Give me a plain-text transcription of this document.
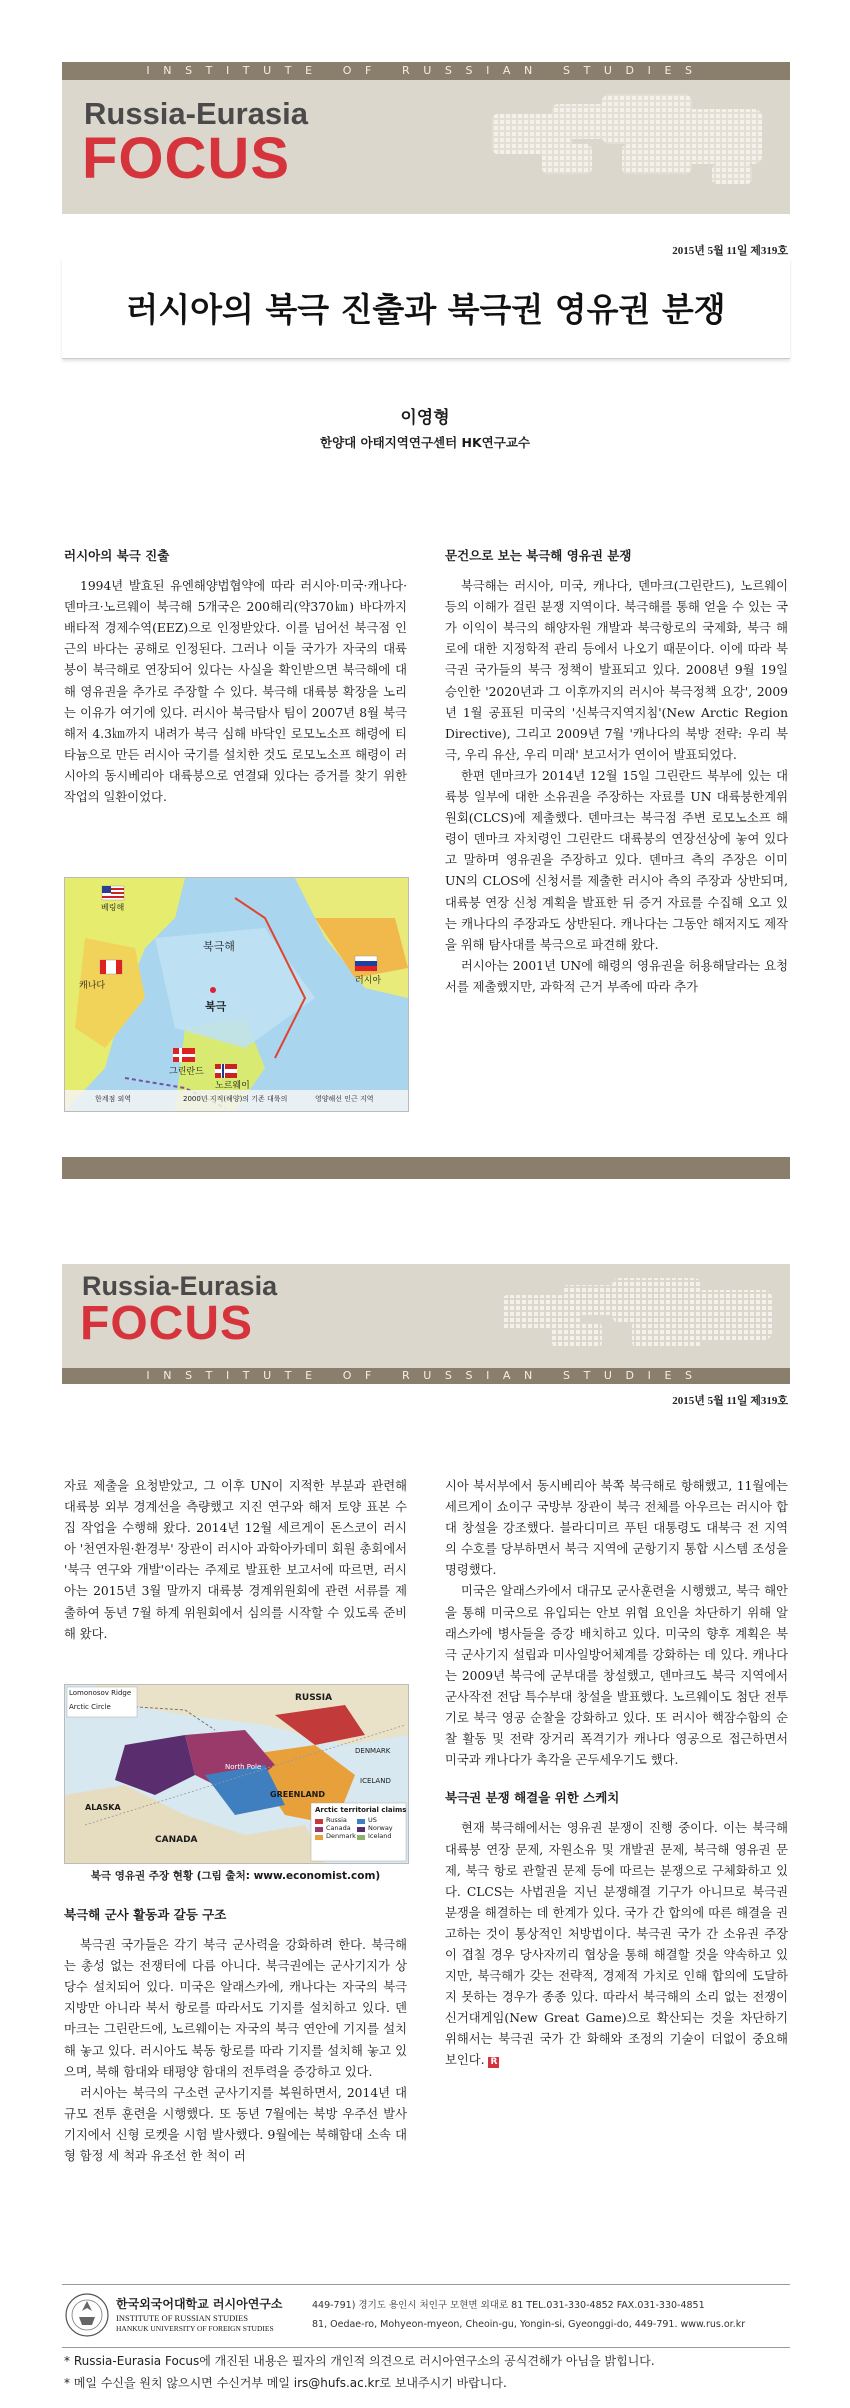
INSTITUTE OF RUSSIAN STUDIES
Russia-Eurasia
FOCUS
2015년 5월 11일 제319호
러시아의 북극 진출과 북극권 영유권 분쟁
이영형
한양대 아태지역연구센터 HK연구교수
러시아의 북극 진출

1994년 발효된 유엔해양법협약에 따라 러시아·미국·캐나다·덴마크·노르웨이 북극해 5개국은 200해리(약370㎞) 바다까지 배타적 경제수역(EEZ)으로 인정받았다. 이를 넘어선 북극점 인근의 바다는 공해로 인정된다. 그러나 이들 국가가 자국의 대륙붕이 북극해로 연장되어 있다는 사실을 확인받으면 북극해에 대해 영유권을 추가로 주장할 수 있다. 북극해 대륙붕 확장을 노리는 이유가 여기에 있다. 러시아 북극탐사 팀이 2007년 8월 북극 해저 4.3㎞까지 내려가 북극 심해 바닥인 로모노소프 해령에 티타늄으로 만든 러시아 국기를 설치한 것도 로모노소프 해령이 러시아의 동시베리아 대륙붕으로 연결돼 있다는 증거를 찾기 위한 작업의 일환이었다.

북극해
북극
캐나다
그린란드
노르웨이
러시아
베링해
한계점 외역	2000년 지적(해양)의 기존 대륙의	영양해선 인근 지역
문건으로 보는 북극해 영유권 분쟁

북극해는 러시아, 미국, 캐나다, 덴마크(그린란드), 노르웨이 등의 이해가 걸린 분쟁 지역이다. 북극해를 통해 얻을 수 있는 국가 이익이 북극의 해양자원 개발과 북극항로의 국제화, 북극 해로에 대한 지정학적 관리 등에서 나오기 때문이다. 이에 따라 북극권 국가들의 북극 정책이 발표되고 있다. 2008년 9월 19일 승인한 '2020년과 그 이후까지의 러시아 북극정책 요강', 2009년 1월 공표된 미국의 '신북극지역지침'(New Arctic Region Directive), 그리고 2009년 7월 '캐나다의 북방 전략: 우리 북극, 우리 유산, 우리 미래' 보고서가 연이어 발표되었다.

한편 덴마크가 2014년 12월 15일 그린란드 북부에 있는 대륙붕 일부에 대한 소유권을 주장하는 자료를 UN 대륙붕한계위원회(CLCS)에 제출했다. 덴마크는 북극점 주변 로모노소프 해령이 덴마크 자치령인 그린란드 대륙붕의 연장선상에 놓여 있다고 말하며 영유권을 주장하고 있다. 덴마크 측의 주장은 이미 UN의 CLOS에 신청서를 제출한 러시아 측의 주장과 상반되며, 대륙붕 연장 신청 계획을 발표한 뒤 증거 자료를 수집해 오고 있는 캐나다의 주장과도 상반된다. 캐나다는 그동안 해저지도 제작을 위해 탐사대를 북극으로 파견해 왔다.

러시아는 2001년 UN에 해령의 영유권을 허용해달라는 요청서를 제출했지만, 과학적 근거 부족에 따라 추가

Russia-Eurasia
FOCUS
INSTITUTE OF RUSSIAN STUDIES
2015년 5월 11일 제319호

자료 제출을 요청받았고, 그 이후 UN이 지적한 부분과 관련해 대륙붕 외부 경계선을 측량했고 지진 연구와 해저 토양 표본 수집 작업을 수행해 왔다. 2014년 12월 세르게이 돈스코이 러시아 '천연자원·환경부' 장관이 러시아 과학아카데미 회원 총회에서 '북극 연구와 개발'이라는 주제로 발표한 보고서에 따르면, 러시아는 2015년 3월 말까지 대륙붕 경계위원회에 관련 서류를 제출하여 동년 7월 하계 위원회에서 심의를 시작할 수 있도록 준비해 왔다.

RUSSIA
ALASKA
CANADA
GREENLAND
DENMARK
ICELAND
North Pole
Lomonosov Ridge
Arctic Circle
Arctic territorial claims
Russia
Canada
Denmark
US
Norway
Iceland
북극 영유권 주장 현황 (그림 출처: www.economist.com)
북극해 군사 활동과 갈등 구조

북극권 국가들은 각기 북극 군사력을 강화하려 한다. 북극해는 총성 없는 전쟁터에 다름 아니다. 북극권에는 군사기지가 상당수 설치되어 있다. 미국은 알래스카에, 캐나다는 자국의 북극 지방만 아니라 북서 항로를 따라서도 기지를 설치하고 있다. 덴마크는 그린란드에, 노르웨이는 자국의 북극 연안에 기지를 설치해 놓고 있다. 러시아도 북동 항로를 따라 기지를 설치해 놓고 있으며, 북해 함대와 태평양 함대의 전투력을 증강하고 있다.

러시아는 북극의 구소련 군사기지를 복원하면서, 2014년 대규모 전투 훈련을 시행했다. 또 동년 7월에는 북방 우주선 발사기지에서 신형 로켓을 시험 발사했다. 9월에는 북해함대 소속 대형 함정 세 척과 유조선 한 척이 러

시아 북서부에서 동시베리아 북쪽 북극해로 항해했고, 11월에는 세르게이 쇼이구 국방부 장관이 북극 전체를 아우르는 러시아 합대 창설을 강조했다. 블라디미르 푸틴 대통령도 대북극 전 지역의 수호를 당부하면서 북극 지역에 군항기지 통합 시스템 조성을 명령했다.

미국은 알래스카에서 대규모 군사훈련을 시행했고, 북극 해안을 통해 미국으로 유입되는 안보 위협 요인을 차단하기 위해 알래스카에 병사들을 증강 배치하고 있다. 미국의 향후 계획은 북극 군사기지 설립과 미사일방어체계를 강화하는 데 있다. 캐나다는 2009년 북극에 군부대를 창설했고, 덴마크도 북극 지역에서 군사작전 전담 특수부대 창설을 발표했다. 노르웨이도 첨단 전투기로 북극 영공 순찰을 강화하고 있다. 또 러시아 핵잠수함의 순찰 활동 및 전략 장거리 폭격기가 캐나다 영공으로 접근하면서 미국과 캐나다가 촉각을 곤두세우기도 했다.

북극권 분쟁 해결을 위한 스케치

현재 북극해에서는 영유권 분쟁이 진행 중이다. 이는 북극해 대륙붕 연장 문제, 자원소유 및 개발권 문제, 북극해 영유권 문제, 북극 항로 관할권 문제 등에 따르는 분쟁으로 구체화하고 있다. CLCS는 사법권을 지닌 분쟁해결 기구가 아니므로 북극권 분쟁을 해결하는 데 한계가 있다. 국가 간 합의에 따른 해결을 권고하는 것이 통상적인 처방법이다. 북극권 국가 간 소유권 주장이 겹칠 경우 당사자끼리 협상을 통해 해결할 것을 약속하고 있지만, 북극해가 갖는 전략적, 경제적 가치로 인해 합의에 도달하지 못하는 경우가 종종 있다. 따라서 북극해의 소리 없는 전쟁이 신거대게임(New Great Game)으로 확산되는 것을 차단하기 위해서는 북극권 국가 간 화해와 조정의 기술이 더없이 중요해 보인다. R

한국외국어대학교 러시아연구소
INSTITUTE OF RUSSIAN STUDIES
HANKUK UNIVERSITY OF FOREIGN STUDIES
449-791) 경기도 용인시 처인구 모현면 외대로 81 TEL.031-330-4852 FAX.031-330-4851
81, Oedae-ro, Mohyeon-myeon, Cheoin-gu, Yongin-si, Gyeonggi-do, 449-791. www.rus.or.kr
* Russia-Eurasia Focus에 개진된 내용은 필자의 개인적 의견으로 러시아연구소의 공식견해가 아님을 밝힙니다.
* 메일 수신을 원치 않으시면 수신거부 메일 irs@hufs.ac.kr로 보내주시기 바랍니다.
